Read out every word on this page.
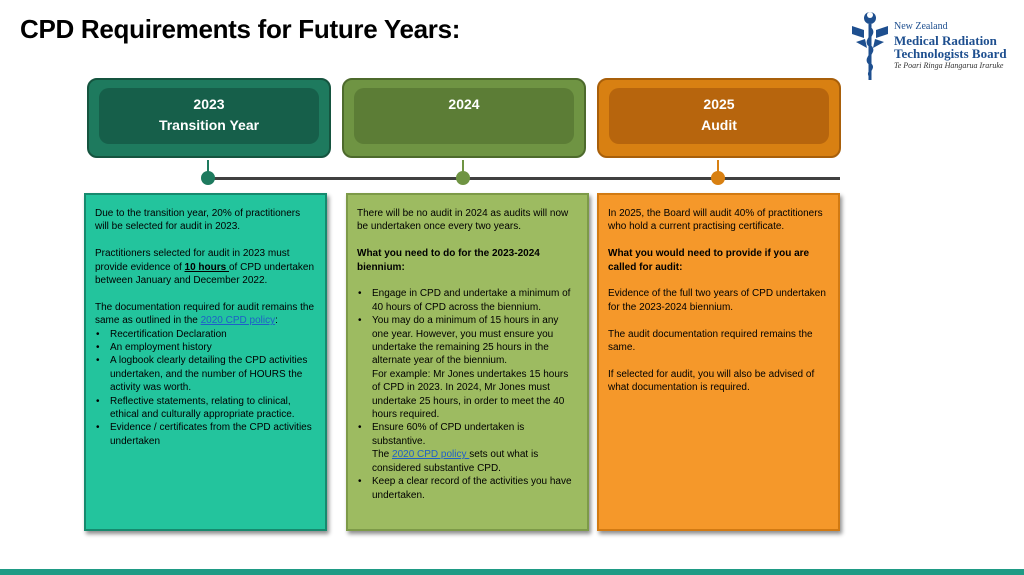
CPD Requirements for Future Years:	New Zealand
Medical Radiation
Technologists Board
Te Poari Ringa Hangarua Iraruke
2023
Transition Year
2024	2025
Audit

Due to the transition year, 20% of practitioners will be selected for audit in 2023.

Practitioners selected for audit in 2023 must provide evidence of 10 hours of CPD undertaken between January and December 2022.

The documentation required for audit remains the same as outlined in the 2020 CPD policy:

• Recertification Declaration
• An employment history
• A logbook clearly detailing the CPD activities undertaken, and the number of HOURS the activity was worth.
• Reflective statements, relating to clinical, ethical and culturally appropriate practice.
• Evidence / certificates from the CPD activities undertaken

There will be no audit in 2024 as audits will now be undertaken once every two years.

What you need to do for the 2023-2024 biennium:

• Engage in CPD and undertake a minimum of 40 hours of CPD across the biennium.
• You may do a minimum of 15 hours in any one year. However, you must ensure you undertake the remaining 25 hours in the alternate year of the biennium.
For example: Mr Jones undertakes 15 hours of CPD in 2023. In 2024, Mr Jones must undertake 25 hours, in order to meet the 40 hours required.
• Ensure 60% of CPD undertaken is substantive.
The 2020 CPD policy sets out what is considered substantive CPD.
• Keep a clear record of the activities you have undertaken.

In 2025, the Board will audit 40% of practitioners who hold a current practising certificate.

What you would need to provide if you are called for audit:

Evidence of the full two years of CPD undertaken for the 2023-2024 biennium.

The audit documentation required remains the same.

If selected for audit, you will also be advised of what documentation is required.
